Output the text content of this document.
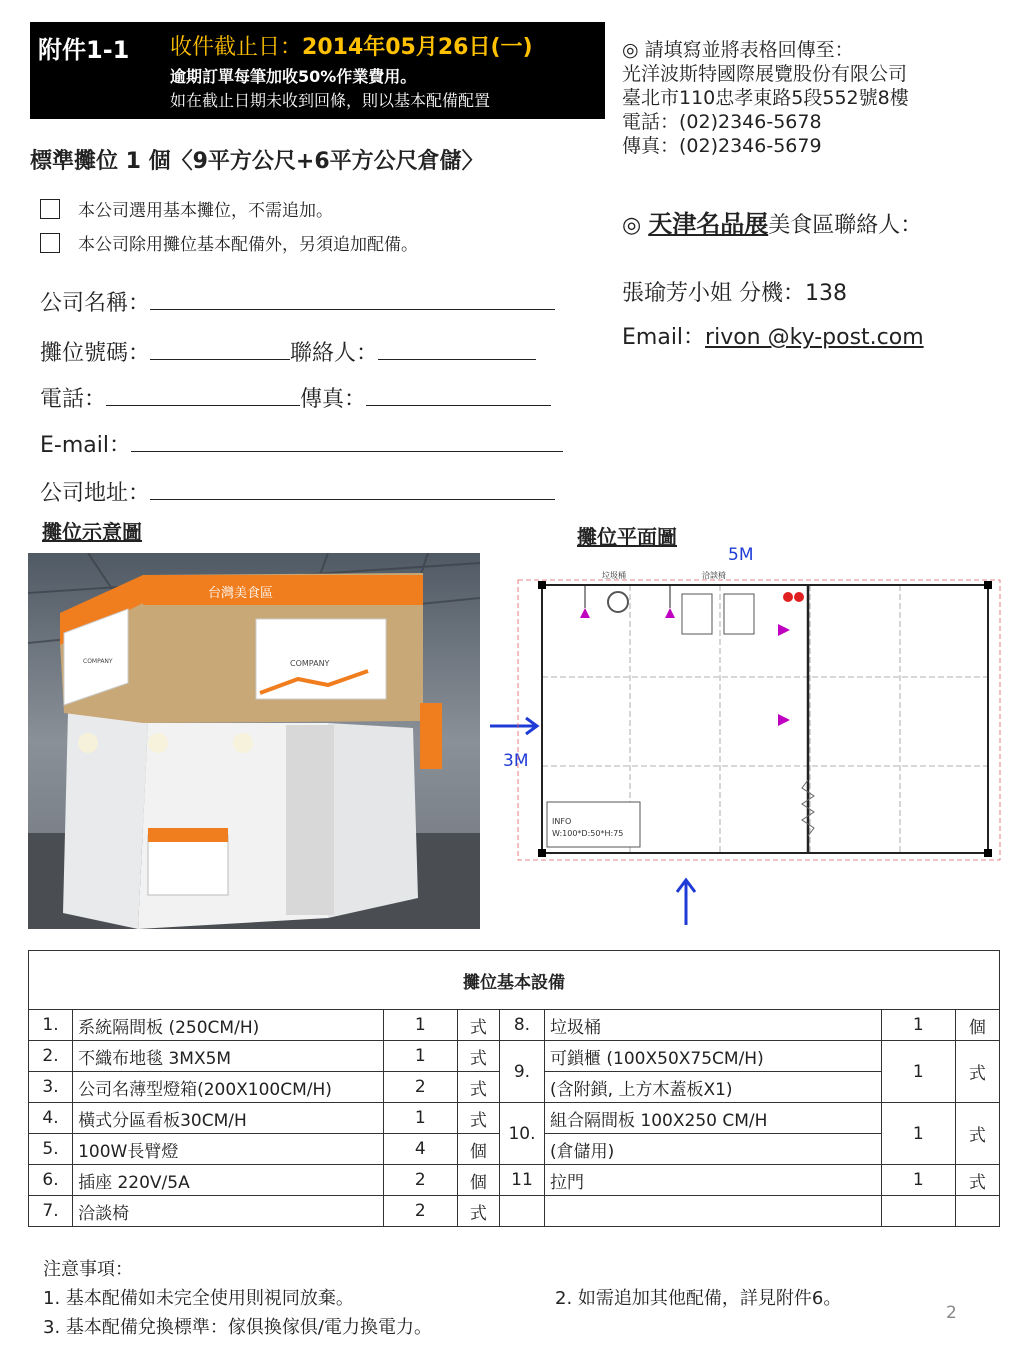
附件1-1 收件截止日：2014年05月26日(一)
逾期訂單每筆加收50%作業費用。
如在截止日期未收到回條，則以基本配備配置
標準攤位 1 個〈9平方公尺+6平方公尺倉儲〉
本公司選用基本攤位，不需追加。
本公司除用攤位基本配備外，另須追加配備。
公司名稱：
攤位號碼：	聯絡人：
電話：	傳真：
E-mail：
公司地址：
◎ 請填寫並將表格回傳至：
光洋波斯特國際展覽股份有限公司
臺北市110忠孝東路5段552號8樓
電話：(02)2346-5678
傳真：(02)2346-5679
◎ 天津名品展美食區聯絡人：
張瑜芳小姐 分機：138
Email：rivon @ky-post.com
攤位示意圖	攤位平面圖
台灣美食區
COMPANY
COMPANY
5M
3M
垃圾桶	洽談椅
INFO
W:100*D:50*H:75
攤位基本設備							
1.	系統隔間板 (250CM/H)	1	式	8.	垃圾桶	1	個
2.	不織布地毯 3MX5M	1	式	9.	可鎖櫃 (100X50X75CM/H)	1	式
3.	公司名薄型燈箱(200X100CM/H)	2	式		(含附鎖, 上方木蓋板X1)		
4.	橫式分區看板30CM/H	1	式	10.	組合隔間板 100X250 CM/H	1	式
5.	100W長臂燈	4	個		(倉儲用)		
6.	插座 220V/5A	2	個	11	拉門	1	式
7.	洽談椅	2	式				
注意事項：
1. 基本配備如未完全使用則視同放棄。	2. 如需追加其他配備，詳見附件6。
3. 基本配備兌換標準：傢俱換傢俱/電力換電力。
2
